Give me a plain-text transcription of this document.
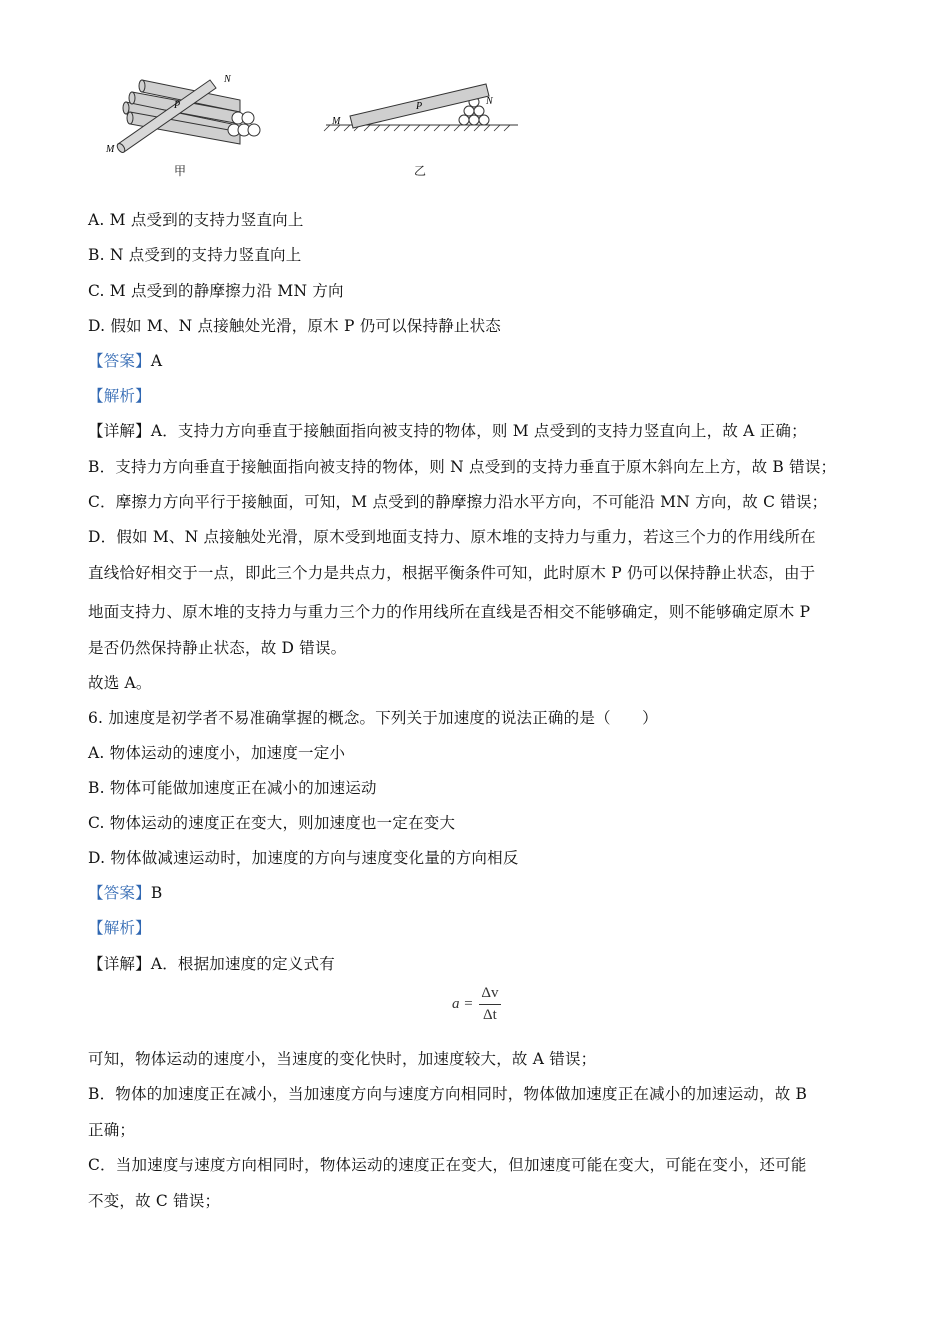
N
P
M
M
P	N
甲	乙
A. M 点受到的支持力竖直向上
B. N 点受到的支持力竖直向上
C. M 点受到的静摩擦力沿 MN 方向
D. 假如 M、N 点接触处光滑，原木 P 仍可以保持静止状态
【答案】A
【解析】
【详解】A．支持力方向垂直于接触面指向被支持的物体，则 M 点受到的支持力竖直向上，故 A 正确；
B．支持力方向垂直于接触面指向被支持的物体，则 N 点受到的支持力垂直于原木斜向左上方，故 B 错误；
C．摩擦力方向平行于接触面，可知，M 点受到的静摩擦力沿水平方向，不可能沿 MN 方向，故 C 错误；
D．假如 M、N 点接触处光滑，原木受到地面支持力、原木堆的支持力与重力，若这三个力的作用线所在
直线恰好相交于一点，即此三个力是共点力，根据平衡条件可知，此时原木 P 仍可以保持静止状态，由于
地面支持力、原木堆的支持力与重力三个力的作用线所在直线是否相交不能够确定，则不能够确定原木 P
是否仍然保持静止状态，故 D 错误。
故选 A。
6. 加速度是初学者不易准确掌握的概念。下列关于加速度的说法正确的是（　　）
A. 物体运动的速度小，加速度一定小
B. 物体可能做加速度正在减小的加速运动
C. 物体运动的速度正在变大，则加速度也一定在变大
D. 物体做减速运动时，加速度的方向与速度变化量的方向相反
【答案】B
【解析】
【详解】A．根据加速度的定义式有
$a = \frac{\Delta v}{\Delta t}$
可知，物体运动的速度小，当速度的变化快时，加速度较大，故 A 错误；
B．物体的加速度正在减小，当加速度方向与速度方向相同时，物体做加速度正在减小的加速运动，故 B
正确；
C．当加速度与速度方向相同时，物体运动的速度正在变大，但加速度可能在变大，可能在变小，还可能
不变，故 C 错误；
